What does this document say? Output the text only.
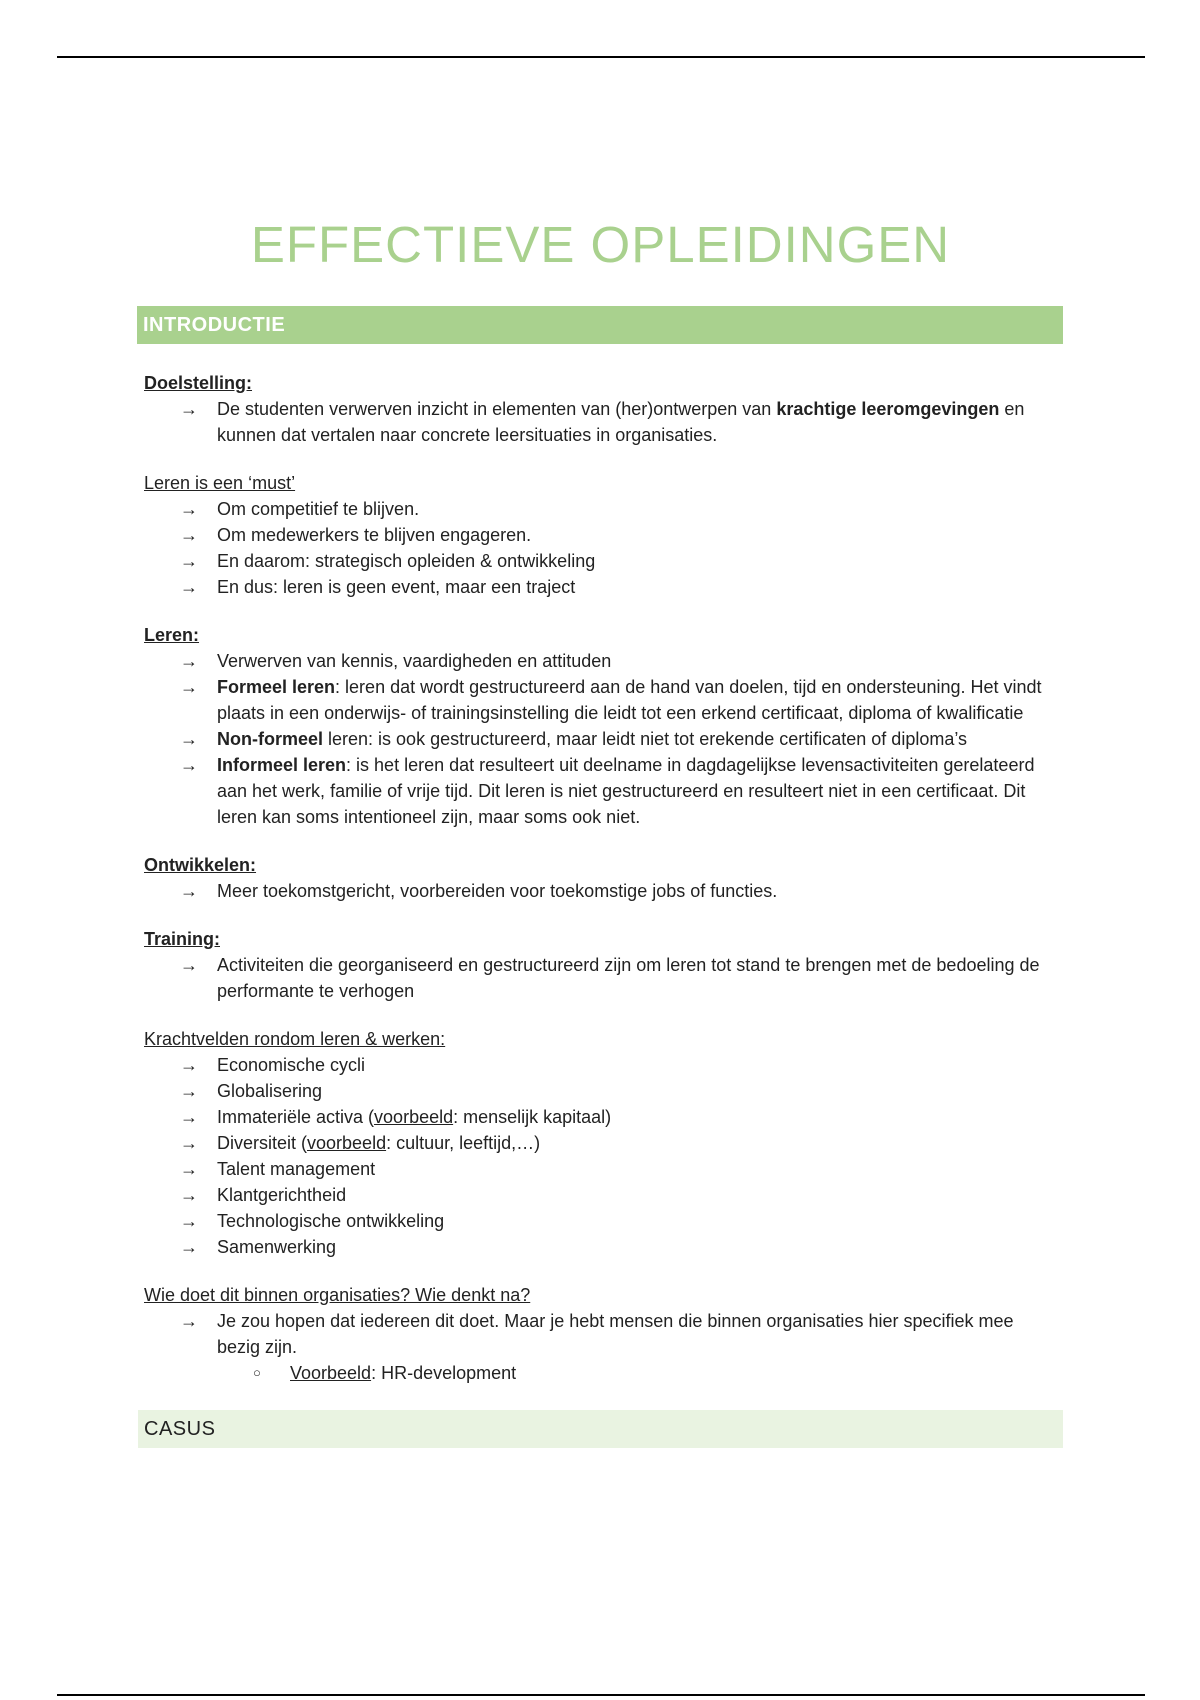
EFFECTIEVE OPLEIDINGEN
INTRODUCTIE
Doelstelling:
→ De studenten verwerven inzicht in elementen van (her)ontwerpen van krachtige leeromgevingen en kunnen dat vertalen naar concrete leersituaties in organisaties.
Leren is een ‘must’
→ Om competitief te blijven.
→ Om medewerkers te blijven engageren.
→ En daarom: strategisch opleiden & ontwikkeling
→ En dus: leren is geen event, maar een traject
Leren:
→ Verwerven van kennis, vaardigheden en attituden
→ Formeel leren: leren dat wordt gestructureerd aan de hand van doelen, tijd en ondersteuning. Het vindt plaats in een onderwijs- of trainingsinstelling die leidt tot een erkend certificaat, diploma of kwalificatie
→ Non-formeel leren: is ook gestructureerd, maar leidt niet tot erekende certificaten of diploma’s
→ Informeel leren: is het leren dat resulteert uit deelname in dagdagelijkse levensactiviteiten gerelateerd aan het werk, familie of vrije tijd. Dit leren is niet gestructureerd en resulteert niet in een certificaat. Dit leren kan soms intentioneel zijn, maar soms ook niet.
Ontwikkelen:
→ Meer toekomstgericht, voorbereiden voor toekomstige jobs of functies.
Training:
→ Activiteiten die georganiseerd en gestructureerd zijn om leren tot stand te brengen met de bedoeling de performante te verhogen
Krachtvelden rondom leren & werken:
→ Economische cycli
→ Globalisering
→ Immateriële activa (voorbeeld: menselijk kapitaal)
→ Diversiteit (voorbeeld: cultuur, leeftijd,…)
→ Talent management
→ Klantgerichtheid
→ Technologische ontwikkeling
→ Samenwerking
Wie doet dit binnen organisaties? Wie denkt na?
→ Je zou hopen dat iedereen dit doet. Maar je hebt mensen die binnen organisaties hier specifiek mee bezig zijn.
○ Voorbeeld: HR-development
CASUS
